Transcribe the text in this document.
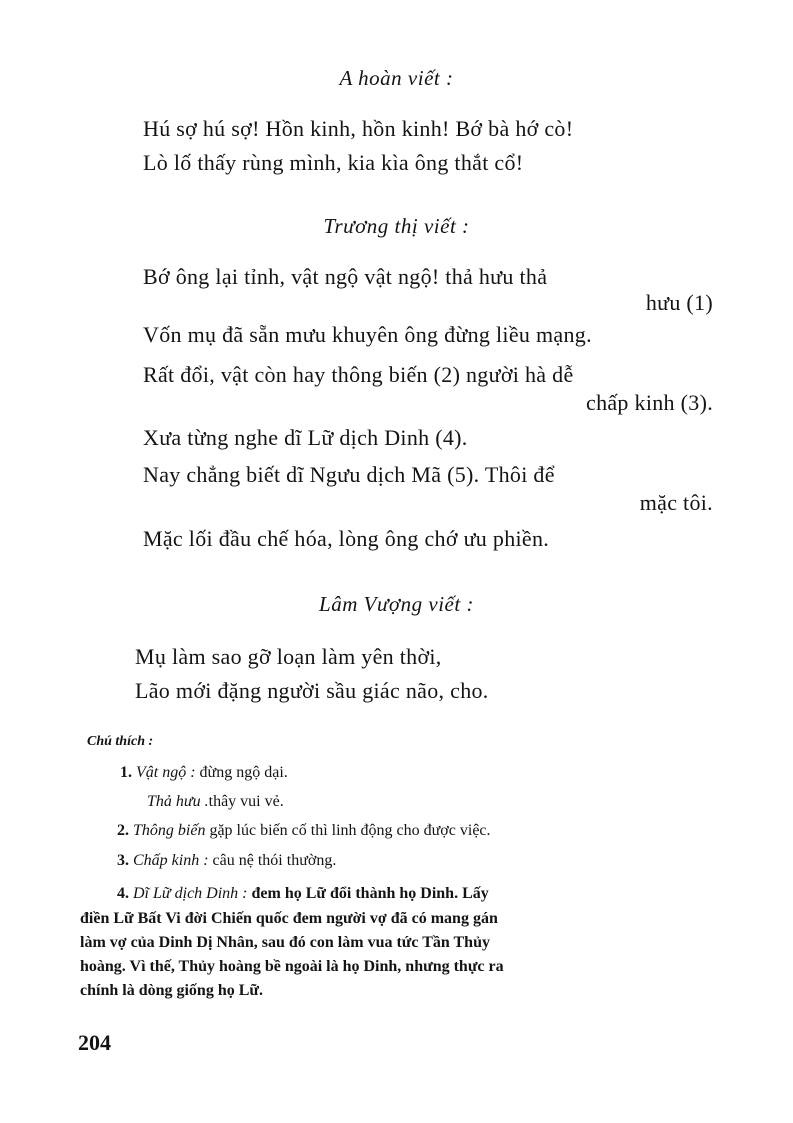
A hoàn viết :
Hú sợ hú sợ! Hồn kinh, hồn kinh! Bớ bà hớ cò!
Lò lố thấy rùng mình, kia kìa ông thắt cổ!
Trương thị viết :
Bớ ông lại tỉnh, vật ngộ vật ngộ! thả hưu thả
hưu (1)
Vốn mụ đã sẵn mưu khuyên ông đừng liều mạng.
Rất đổi, vật còn hay thông biến (2) người hà dễ
chấp kinh (3).
Xưa từng nghe dĩ Lữ dịch Dinh (4).
Nay chẳng biết dĩ Ngưu dịch Mã (5). Thôi để
mặc tôi.
Mặc lối đầu chế hóa, lòng ông chớ ưu phiền.
Lâm Vượng viết :
Mụ làm sao gỡ loạn làm yên thời,
Lão mới đặng người sầu giác não, cho.
Chú thích :
1. Vật ngộ : đừng ngộ dại.
Thả hưu .thây vui vẻ.
2. Thông biến gặp lúc biến cố thì linh động cho được việc.
3. Chấp kinh : câu nệ thói thường.
4. Dĩ Lữ dịch Dinh : đem họ Lữ đổi thành họ Dinh. Lấy
điền Lữ Bất Vi đời Chiến quốc đem người vợ đã có mang gán
làm vợ của Dinh Dị Nhân, sau đó con làm vua tức Tần Thủy
hoàng. Vì thế, Thủy hoàng bề ngoài là họ Dinh, nhưng thực ra
chính là dòng giống họ Lữ.
204
